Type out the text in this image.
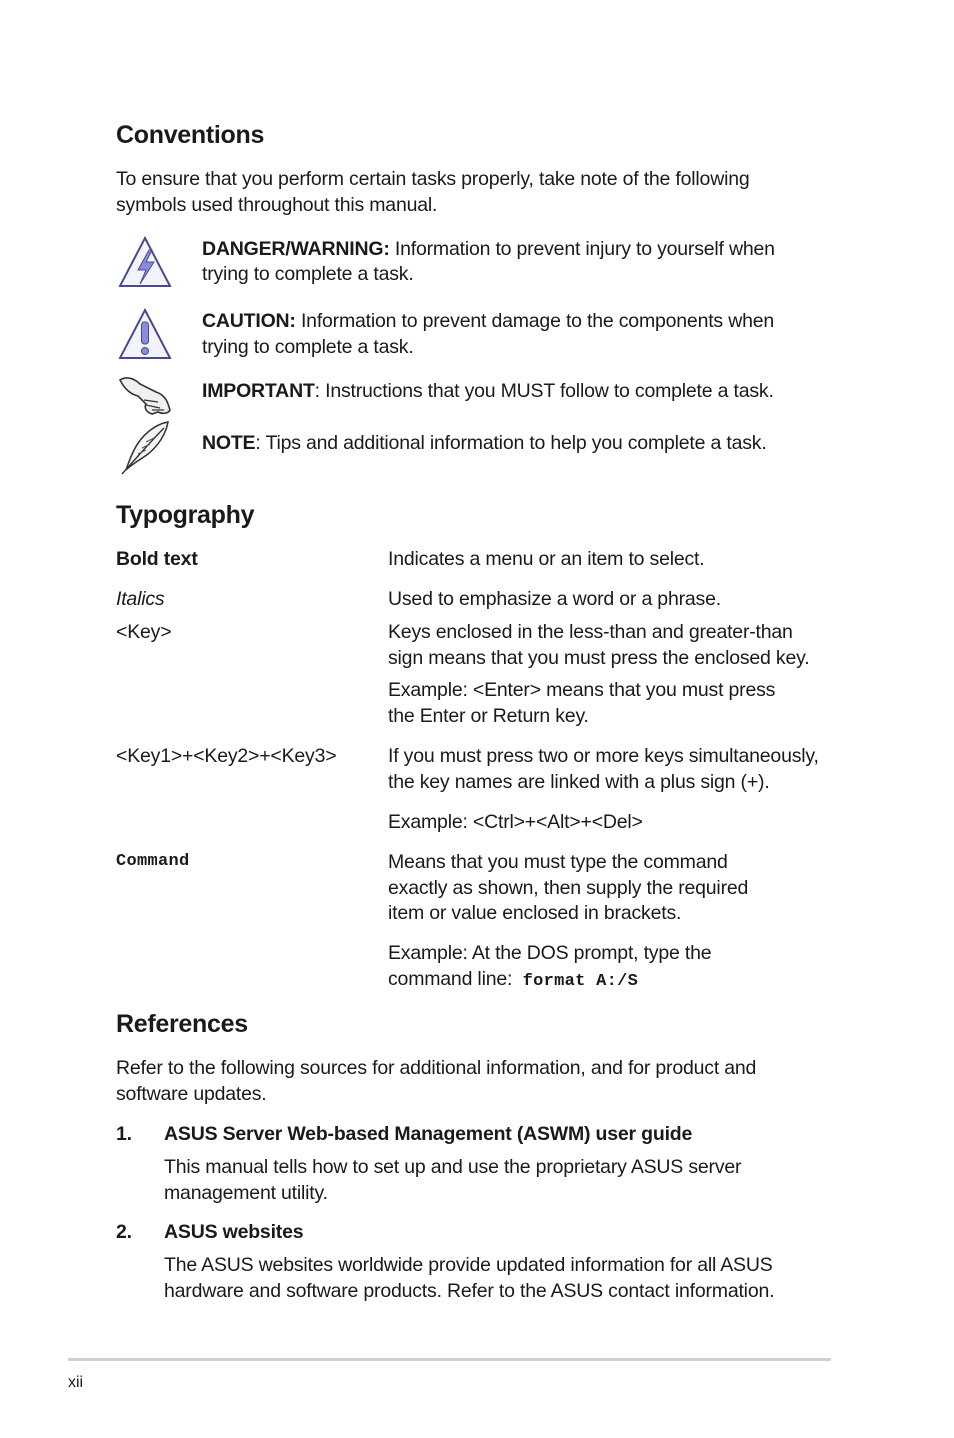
Conventions

To ensure that you perform certain tasks properly, take note of the following

symbols used throughout this manual.

DANGER/WARNING: Information to prevent injury to yourself when

trying to complete a task.

CAUTION: Information to prevent damage to the components when

trying to complete a task.

IMPORTANT: Instructions that you MUST follow to complete a task.

NOTE: Tips and additional information to help you complete a task.

Typography

Bold text	Indicates a menu or an item to select.

Italics	Used to emphasize a word or a phrase.

<Key>	Keys enclosed in the less-than and greater-than

sign means that you must press the enclosed key.

Example: <Enter> means that you must press

the Enter or Return key.

<Key1>+<Key2>+<Key3>	If you must press two or more keys simultaneously,

the key names are linked with a plus sign (+).

Example: <Ctrl>+<Alt>+<Del>

Command	Means that you must type the command

exactly as shown, then supply the required

item or value enclosed in brackets.

Example: At the DOS prompt, type the

command line: format A:/S

References

Refer to the following sources for additional information, and for product and

software updates.

1. ASUS Server Web-based Management (ASWM) user guide

This manual tells how to set up and use the proprietary ASUS server

management utility.

2. ASUS websites

The ASUS websites worldwide provide updated information for all ASUS

hardware and software products. Refer to the ASUS contact information.

xii
